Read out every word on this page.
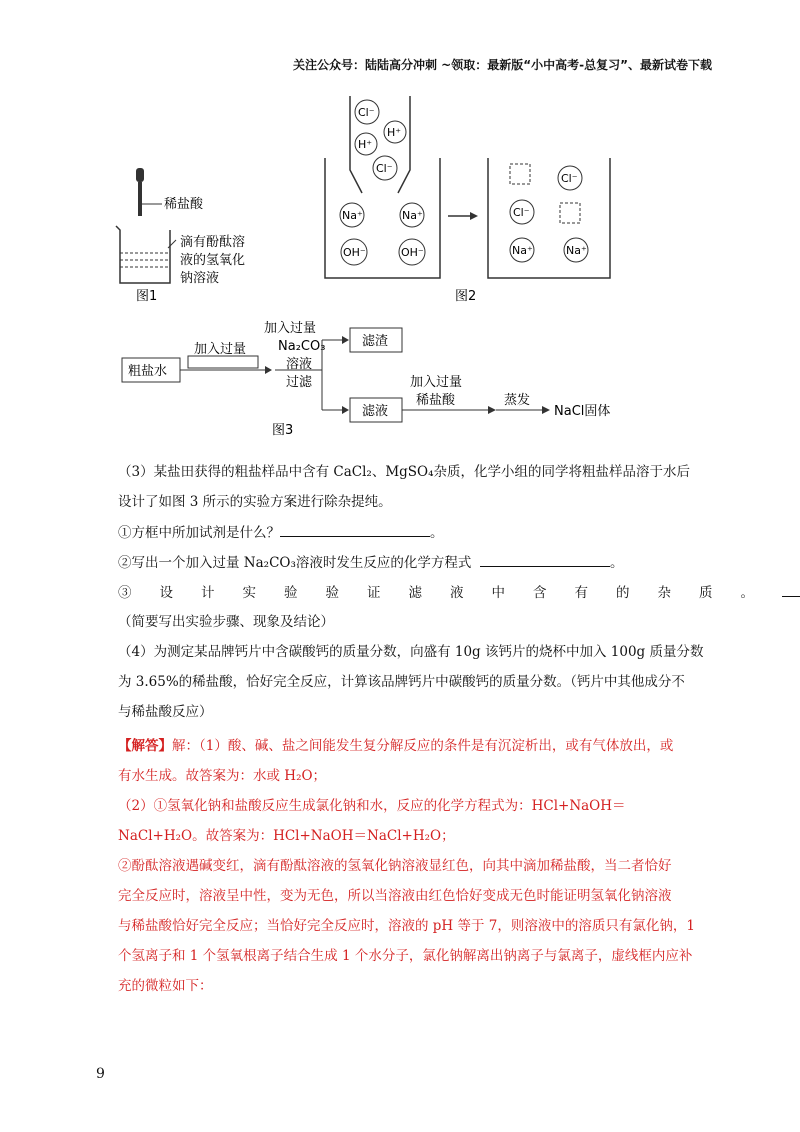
关注公众号：陆陆高分冲刺 ~领取：最新版“小中高考-总复习”、最新试卷下载
稀盐酸
滴有酚酞溶
液的氢氧化
钠溶液
图1
Cl⁻
H⁺
H⁺
Cl⁻
Na⁺	Na⁺
OH⁻	OH⁻
Cl⁻
Cl⁻
Na⁺	Na⁺
图2
粗盐水
加入过量
加入过量
Na₂CO₃
溶液
过滤
滤渣
滤液
加入过量
稀盐酸	蒸发
NaCl固体
图3
（3）某盐田获得的粗盐样品中含有 CaCl₂、MgSO₄杂质，化学小组的同学将粗盐样品溶于水后
设计了如图 3 所示的实验方案进行除杂提纯。
①方框中所加试剂是什么？	。
②写出一个加入过量 Na₂CO₃溶液时发生反应的化学方程式	。
③设计实验验证滤液中含有的杂质。
（简要写出实验步骤、现象及结论）
（4）为测定某品牌钙片中含碳酸钙的质量分数，向盛有 10g 该钙片的烧杯中加入 100g 质量分数
为 3.65%的稀盐酸，恰好完全反应，计算该品牌钙片中碳酸钙的质量分数。（钙片中其他成分不
与稀盐酸反应）
【解答】解：（1）酸、碱、盐之间能发生复分解反应的条件是有沉淀析出，或有气体放出，或
有水生成。故答案为：水或 H₂O；
（2）①氢氧化钠和盐酸反应生成氯化钠和水，反应的化学方程式为：HCl+NaOH＝
NaCl+H₂O。故答案为：HCl+NaOH＝NaCl+H₂O；
②酚酞溶液遇碱变红，滴有酚酞溶液的氢氧化钠溶液显红色，向其中滴加稀盐酸，当二者恰好
完全反应时，溶液呈中性，变为无色，所以当溶液由红色恰好变成无色时能证明氢氧化钠溶液
与稀盐酸恰好完全反应；当恰好完全反应时，溶液的 pH 等于 7，则溶液中的溶质只有氯化钠，1
个氢离子和 1 个氢氧根离子结合生成 1 个水分子，氯化钠解离出钠离子与氯离子，虚线框内应补
充的微粒如下：
9
